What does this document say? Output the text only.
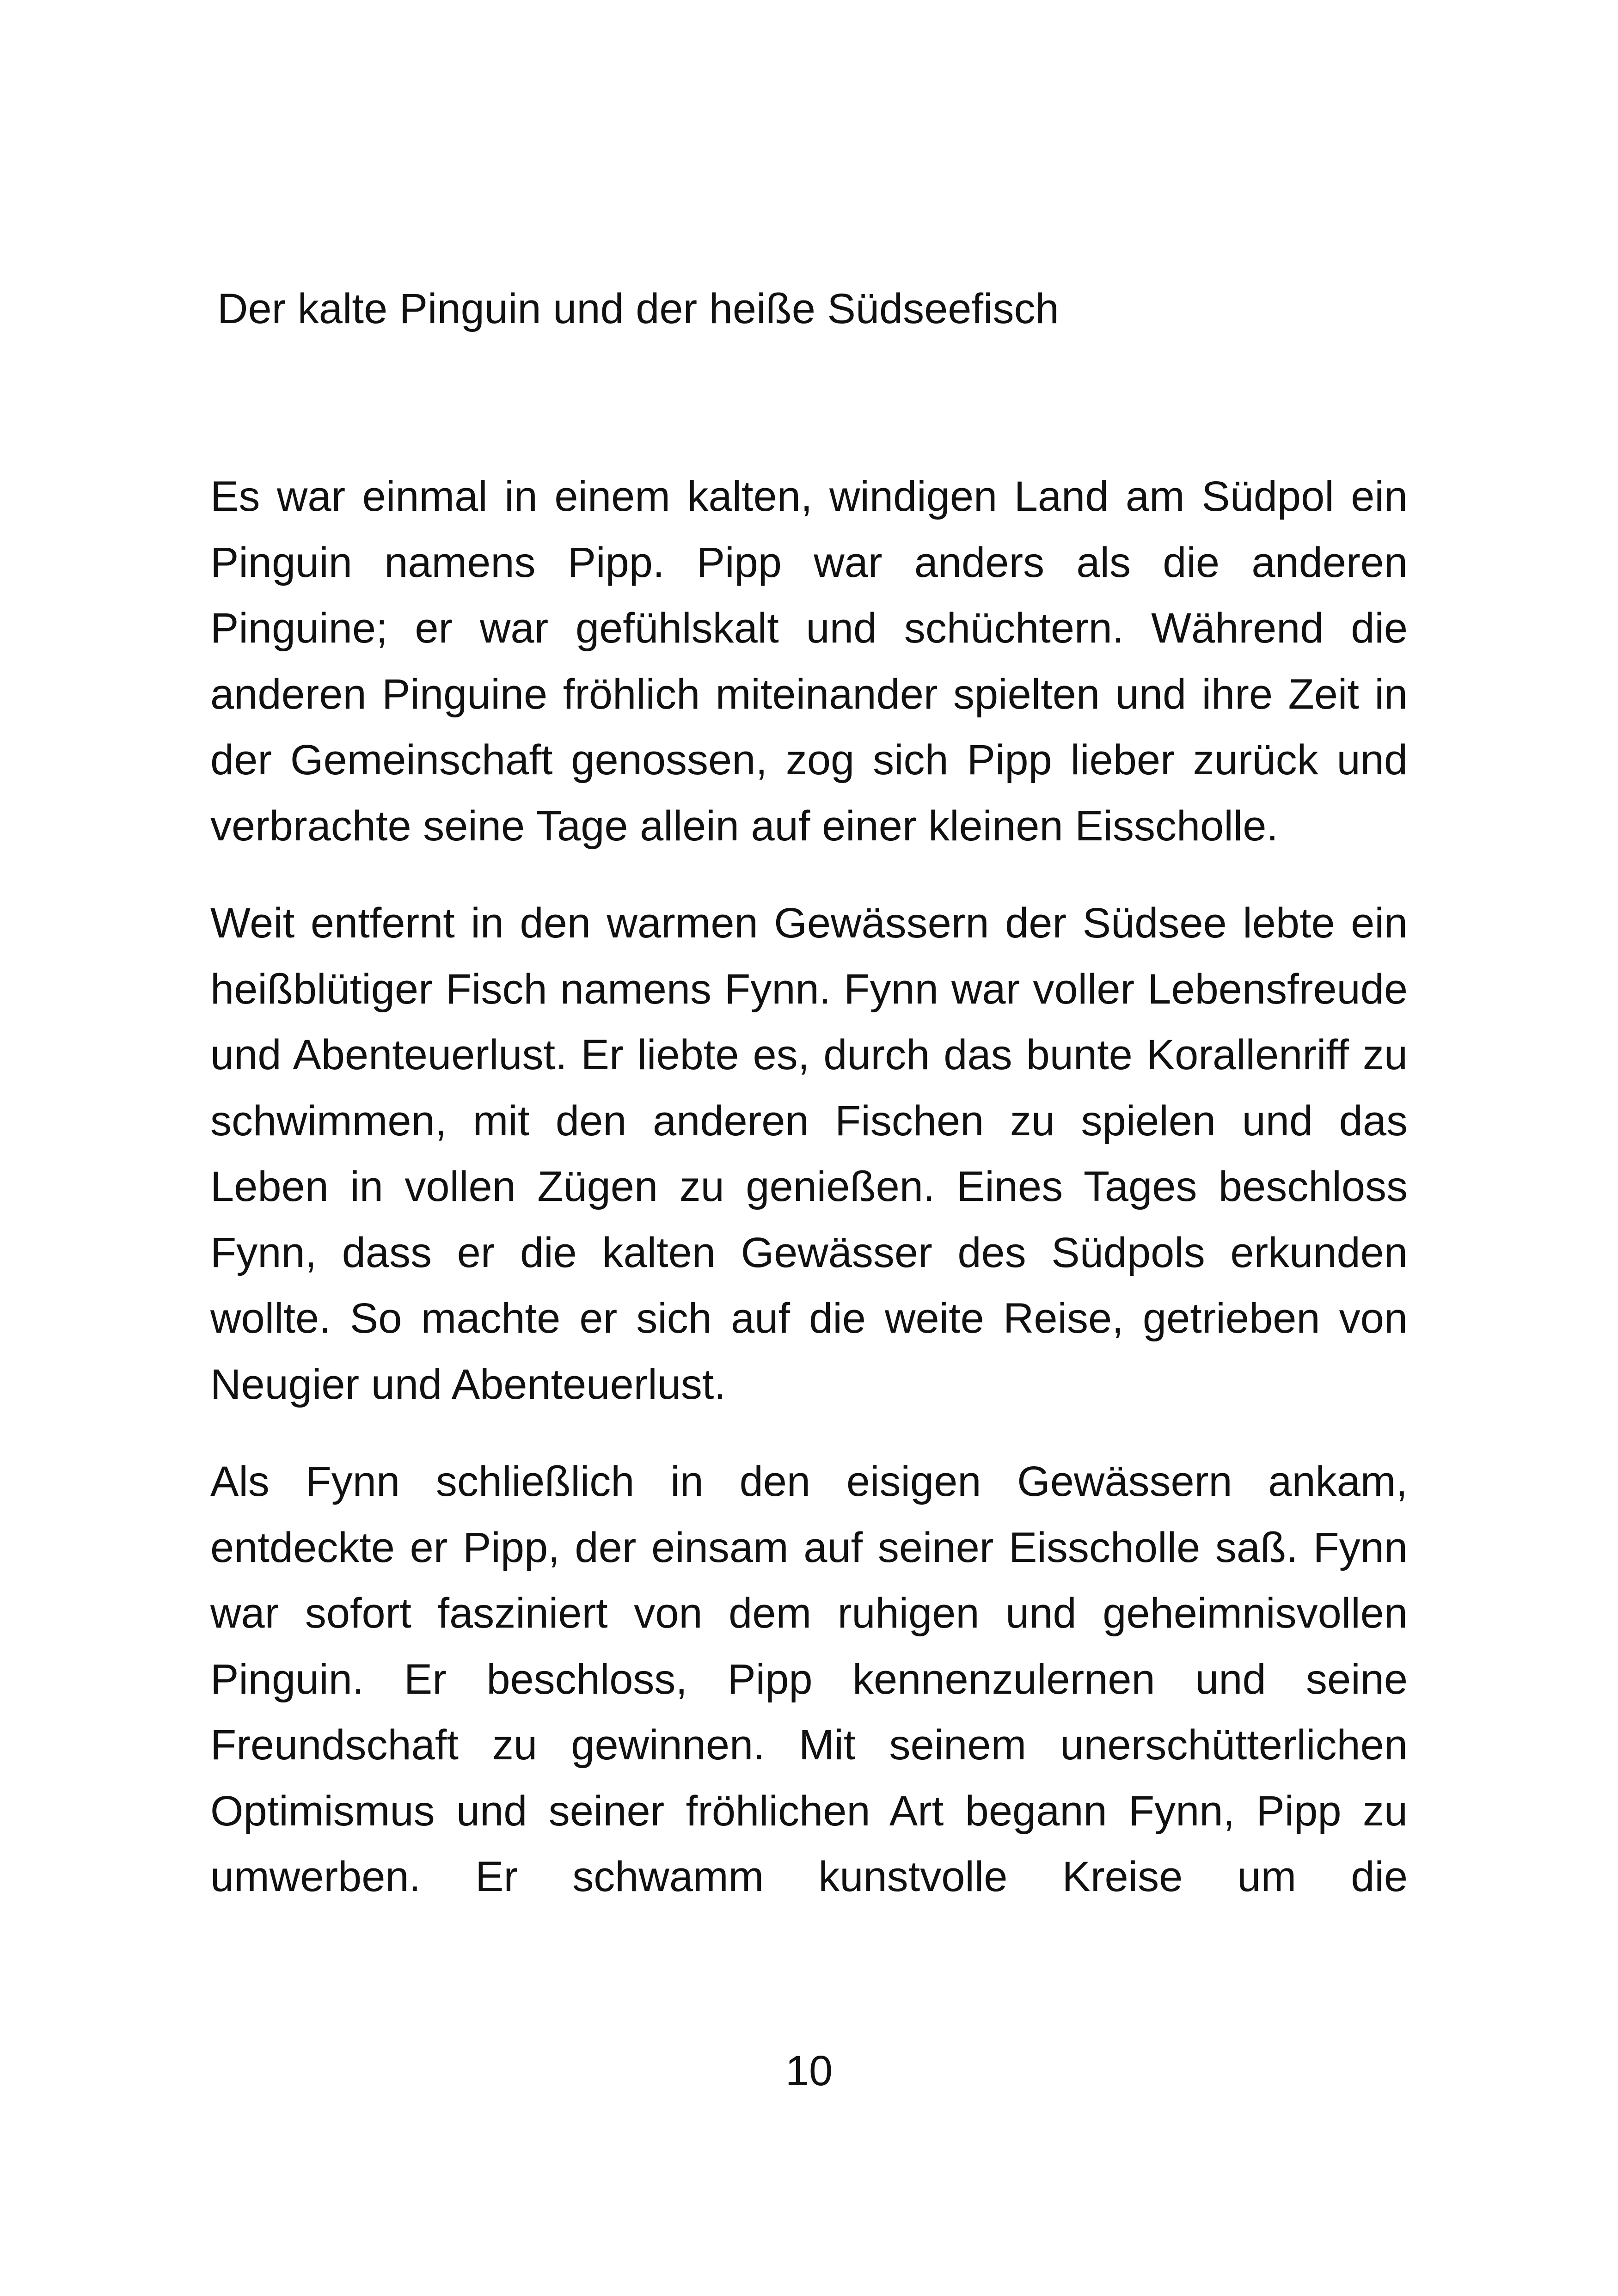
Der kalte Pinguin und der heiße Südseefisch

Es war einmal in einem kalten, windigen Land am Südpol ein Pinguin namens Pipp. Pipp war anders als die anderen Pinguine; er war gefühlskalt und schüchtern. Während die anderen Pinguine fröhlich miteinander spielten und ihre Zeit in der Gemeinschaft genossen, zog sich Pipp lieber zurück und verbrachte seine Tage allein auf einer kleinen Eisscholle.

Weit entfernt in den warmen Gewässern der Südsee lebte ein heißblütiger Fisch namens Fynn. Fynn war voller Lebensfreude und Abenteuerlust. Er liebte es, durch das bunte Korallenriff zu schwimmen, mit den anderen Fischen zu spielen und das Leben in vollen Zügen zu genießen. Eines Tages beschloss Fynn, dass er die kalten Gewässer des Südpols erkunden wollte. So machte er sich auf die weite Reise, getrieben von Neugier und Abenteuerlust.

Als Fynn schließlich in den eisigen Gewässern ankam, entdeckte er Pipp, der einsam auf seiner Eisscholle saß. Fynn war sofort fasziniert von dem ruhigen und geheimnisvollen Pinguin. Er beschloss, Pipp kennenzulernen und seine Freundschaft zu gewinnen. Mit seinem unerschütterlichen Optimismus und seiner fröhlichen Art begann Fynn, Pipp zu umwerben. Er schwamm kunstvolle Kreise um die

10
